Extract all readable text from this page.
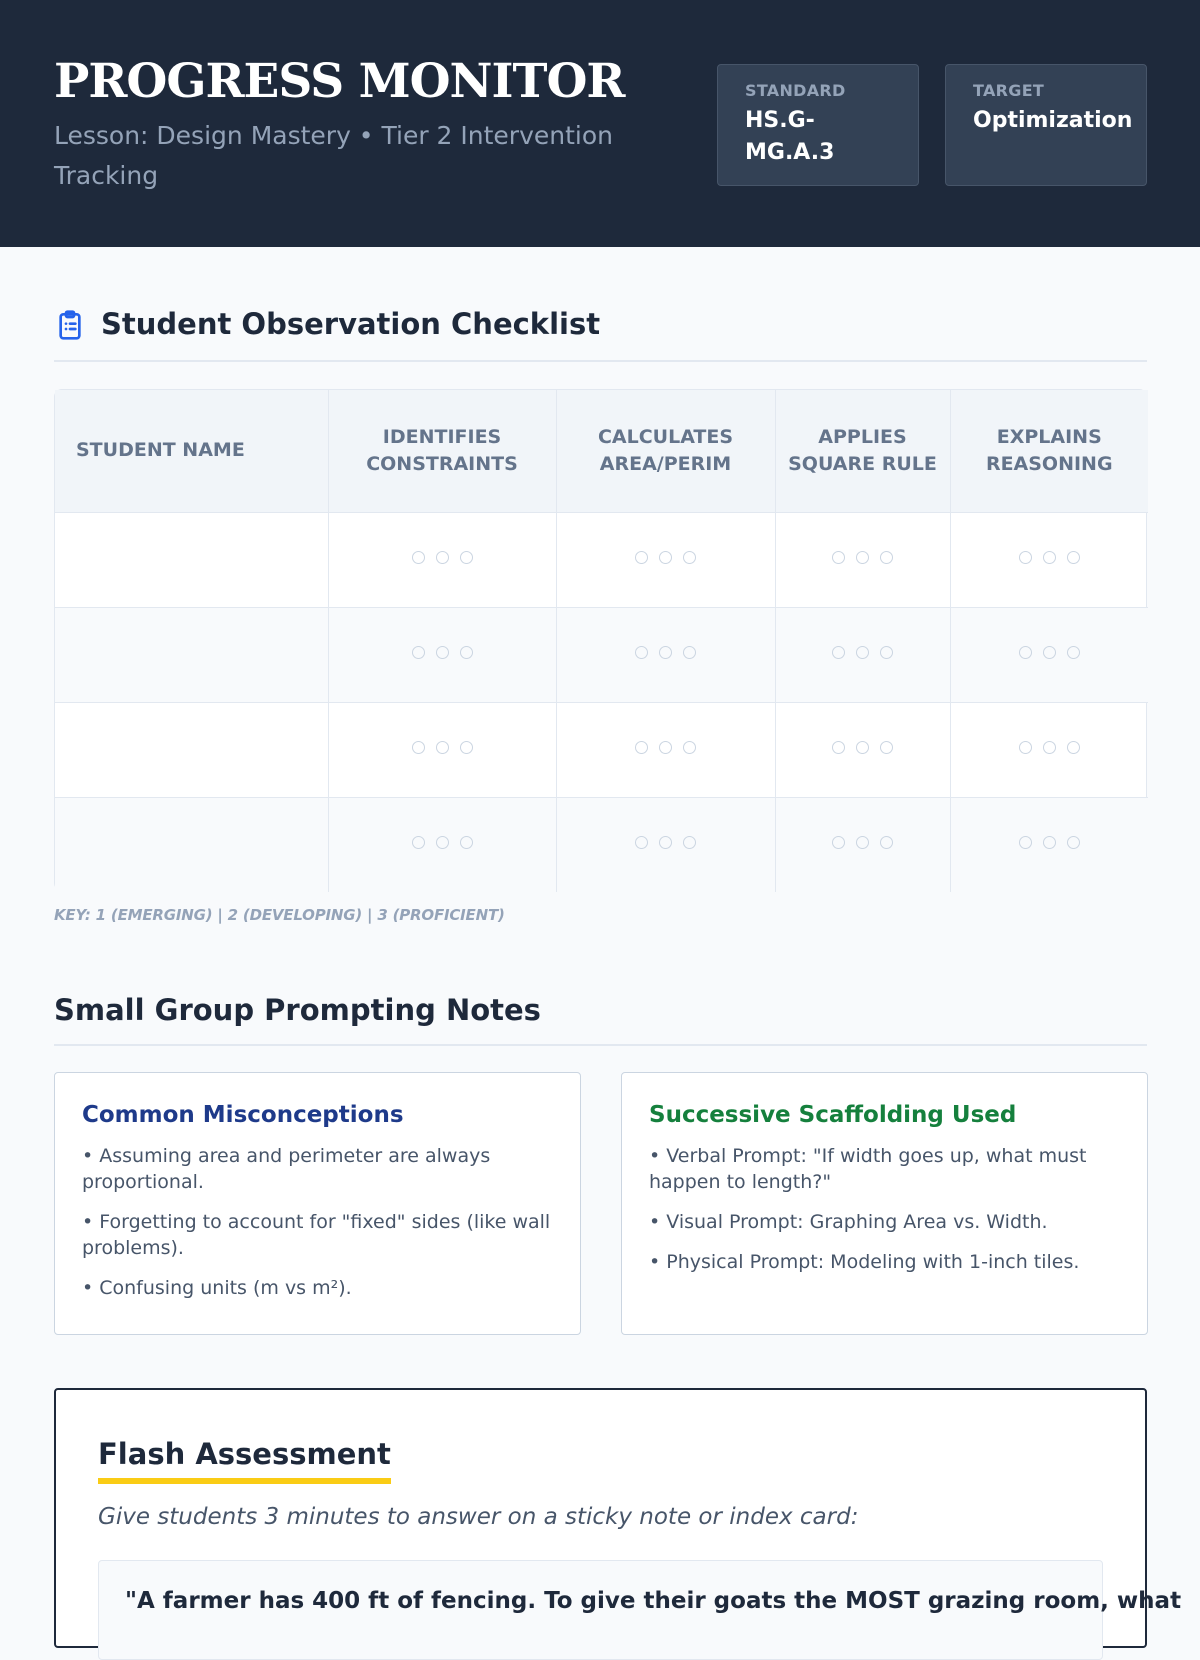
PROGRESS MONITOR
Lesson: Design Mastery • Tier 2 Intervention Tracking
STANDARD
HS.G-MG.A.3
TARGET
Optimization
Student Observation Checklist
STUDENT NAME	IDENTIFIES CONSTRAINTS	CALCULATES AREA/PERIM	APPLIES SQUARE RULE	EXPLAINS REASONING

KEY: 1 (EMERGING) | 2 (DEVELOPING) | 3 (PROFICIENT)
Small Group Prompting Notes
Common Misconceptions
• Assuming area and perimeter are always proportional.
• Forgetting to account for "fixed" sides (like wall problems).
• Confusing units (m vs m²).
Successive Scaffolding Used
• Verbal Prompt: "If width goes up, what must happen to length?"
• Visual Prompt: Graphing Area vs. Width.
• Physical Prompt: Modeling with 1-inch tiles.
Flash Assessment
Give students 3 minutes to answer on a sticky note or index card:
"A farmer has 400 ft of fencing. To give their goats the MOST grazing room, what
